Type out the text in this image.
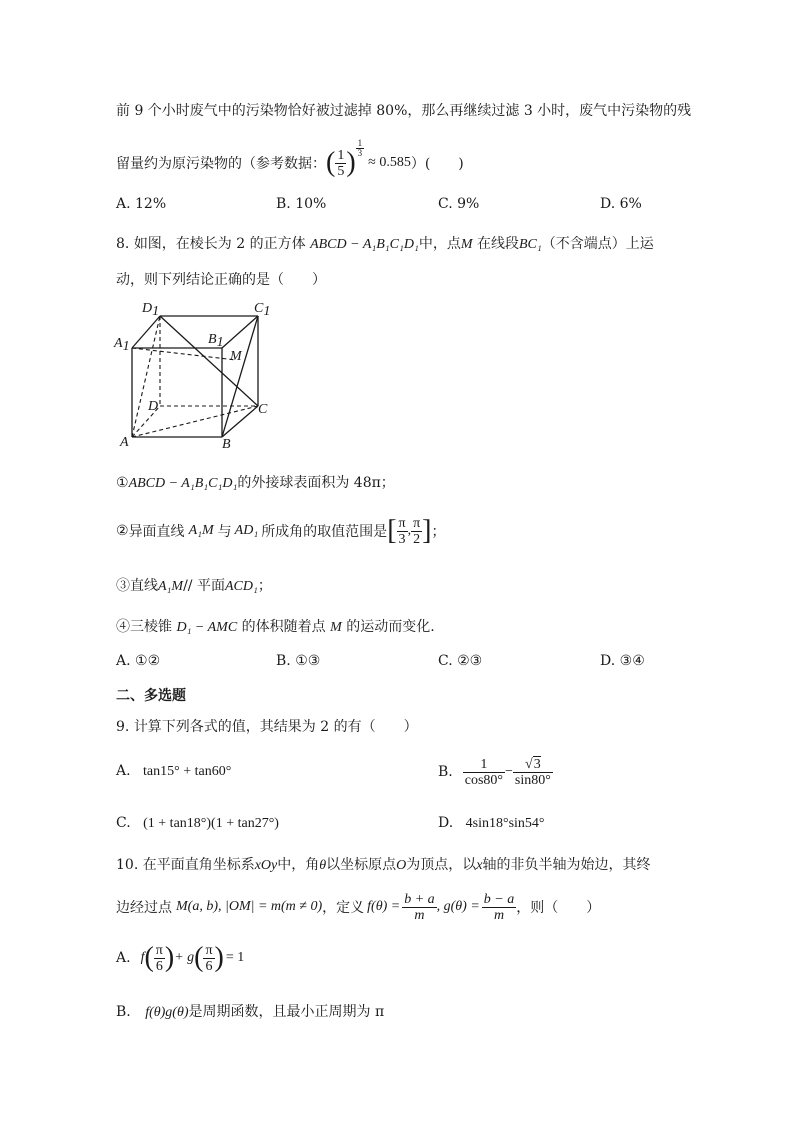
前 9 个小时废气中的污染物恰好被过滤掉 80%，那么再继续过滤 3 小时，废气中污染物的残
留量约为原污染物的（参考数据： ( $\frac{1}{5}$ ) $\frac{1}{3}$
≈ 0.585 ）(　　)
A. 12%	B. 10%	C. 9%	D. 6%
8. 如图，在棱长为 2 的正方体 ABCD − A₁B₁C₁D₁中，点M 在线段BC₁（不含端点）上运
动，则下列结论正确的是（　　）
D1	C1
A1	B1
M
D	C
A	B
①ABCD − A₁B₁C₁D₁的外接球表面积为 48π；
② 异面直线 A₁M 与 AD₁ 所成角的取值范围是 [ $\frac{\pi}{3}$ , $\frac{\pi}{2}$ ] ；
③直线A₁M// 平面ACD₁；
④三棱锥 D₁ − AMC 的体积随着点 M 的运动而变化.
A. ①②	B. ①③	C. ②③	D. ③④
二、多选题
9. 计算下列各式的值，其结果为 2 的有（　　）
A. tan15° + tan60°	B. $\frac{1}{\cos 80^\circ} - \frac{√3}{\sin 80^\circ}$
C. (1 + tan18°)(1 + tan27°)	D. 4sin18°sin54°
10. 在平面直角坐标系xOy中，角θ以坐标原点O为顶点，以x轴的非负半轴为始边，其终
边经过点 M(a, b), |OM| = m(m ≠ 0) ，定义 $f(\theta) = \frac{b + a}{m}$ , $g(\theta) = \frac{b - a}{m}$ ，则（　　）
A. f ( $\frac{\pi}{6}$ ) + g ( $\frac{\pi}{6}$ ) = 1
B. f(θ)g(θ)是周期函数，且最小正周期为 π
